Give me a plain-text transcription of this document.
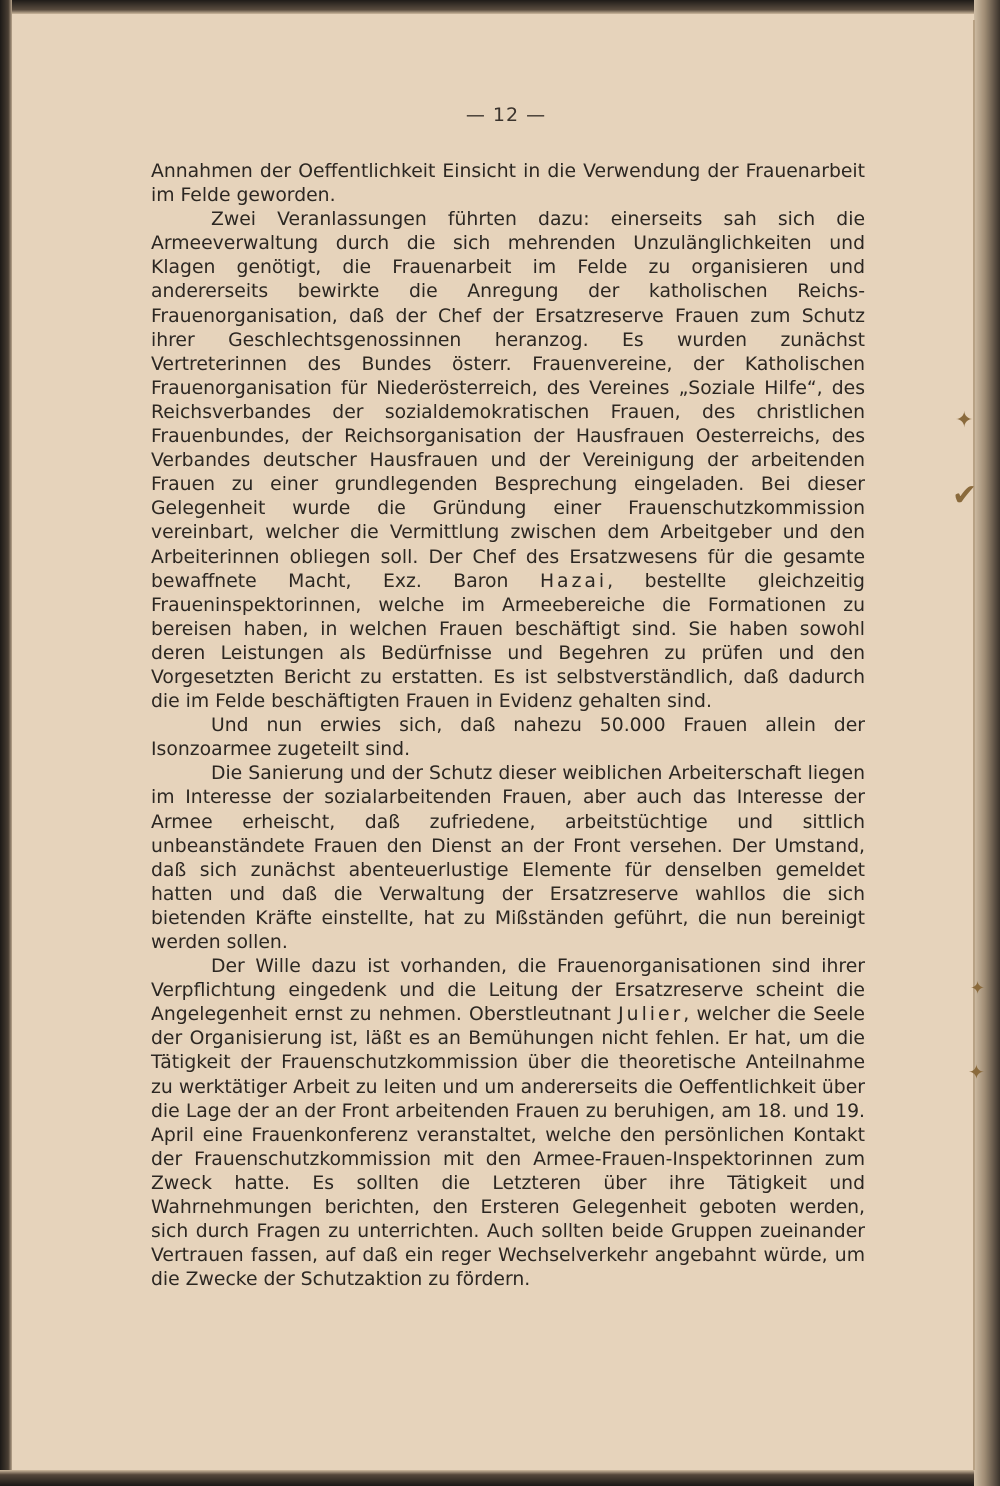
✦
✔
✦
✦
— 12 —

Annahmen der Oeffentlichkeit Einsicht in die Verwendung der Frauenarbeit im Felde geworden.

Zwei Veranlassungen führten dazu: einerseits sah sich die Armeeverwaltung durch die sich mehrenden Unzulänglichkeiten und Klagen genötigt, die Frauenarbeit im Felde zu organisieren und andererseits bewirkte die Anregung der katholischen Reichs-Frauenorganisation, daß der Chef der Ersatzreserve Frauen zum Schutz ihrer Geschlechtsgenossinnen heranzog. Es wurden zunächst Vertreterinnen des Bundes österr. Frauenvereine, der Katholischen Frauenorganisation für Niederösterreich, des Vereines „Soziale Hilfe“, des Reichsverbandes der sozialdemokratischen Frauen, des christlichen Frauenbundes, der Reichsorganisation der Hausfrauen Oesterreichs, des Verbandes deutscher Hausfrauen und der Vereinigung der arbeitenden Frauen zu einer grundlegenden Besprechung eingeladen. Bei dieser Gelegenheit wurde die Gründung einer Frauenschutzkommission vereinbart, welcher die Vermittlung zwischen dem Arbeitgeber und den Arbeiterinnen obliegen soll. Der Chef des Ersatzwesens für die gesamte bewaffnete Macht, Exz. Baron Hazai, bestellte gleichzeitig Fraueninspektorinnen, welche im Armeebereiche die Formationen zu bereisen haben, in welchen Frauen beschäftigt sind. Sie haben sowohl deren Leistungen als Bedürfnisse und Begehren zu prüfen und den Vorgesetzten Bericht zu erstatten. Es ist selbstverständlich, daß dadurch die im Felde beschäftigten Frauen in Evidenz gehalten sind.

Und nun erwies sich, daß nahezu 50.000 Frauen allein der Isonzoarmee zugeteilt sind.

Die Sanierung und der Schutz dieser weiblichen Arbeiterschaft liegen im Interesse der sozialarbeitenden Frauen, aber auch das Interesse der Armee erheischt, daß zufriedene, arbeitstüchtige und sittlich unbeanständete Frauen den Dienst an der Front versehen. Der Umstand, daß sich zunächst abenteuerlustige Elemente für denselben gemeldet hatten und daß die Verwaltung der Ersatzreserve wahllos die sich bietenden Kräfte einstellte, hat zu Mißständen geführt, die nun bereinigt werden sollen.

Der Wille dazu ist vorhanden, die Frauenorganisationen sind ihrer Verpflichtung eingedenk und die Leitung der Ersatzreserve scheint die Angelegenheit ernst zu nehmen. Oberstleutnant Julier, welcher die Seele der Organisierung ist, läßt es an Bemühungen nicht fehlen. Er hat, um die Tätigkeit der Frauenschutzkommission über die theoretische Anteilnahme zu werktätiger Arbeit zu leiten und um andererseits die Oeffentlichkeit über die Lage der an der Front arbeitenden Frauen zu beruhigen, am 18. und 19. April eine Frauenkonferenz veranstaltet, welche den persönlichen Kontakt der Frauenschutzkommission mit den Armee-Frauen-Inspektorinnen zum Zweck hatte. Es sollten die Letzteren über ihre Tätigkeit und Wahrnehmungen berichten, den Ersteren Gelegenheit geboten werden, sich durch Fragen zu unterrichten. Auch sollten beide Gruppen zueinander Vertrauen fassen, auf daß ein reger Wechselverkehr angebahnt würde, um die Zwecke der Schutzaktion zu fördern.
